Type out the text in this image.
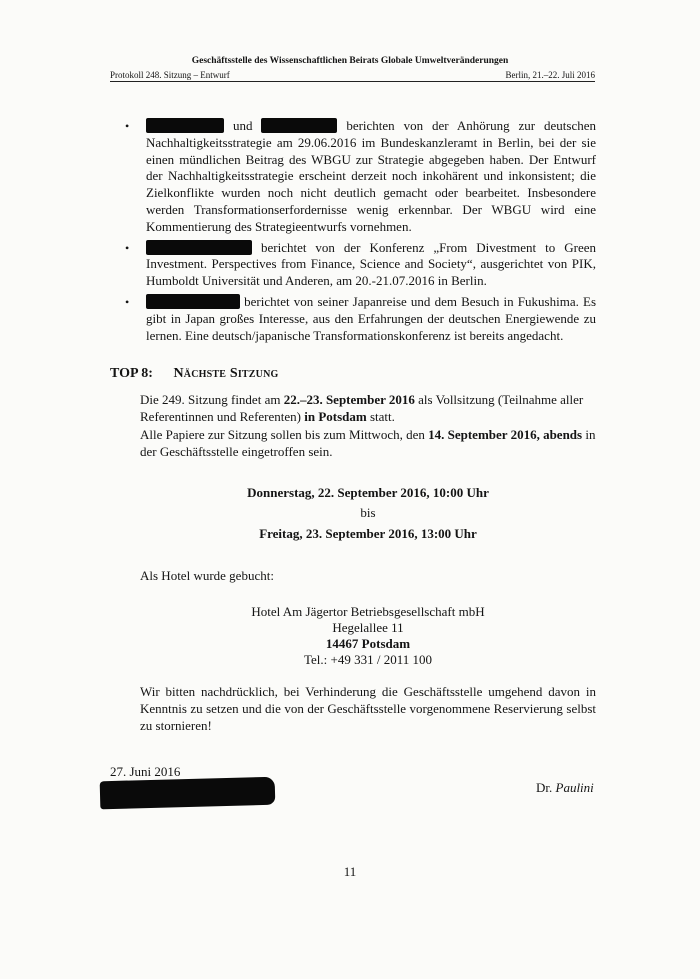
Geschäftsstelle des Wissenschaftlichen Beirats Globale Umweltveränderungen
Protokoll 248. Sitzung – Entwurf	Berlin, 21.–22. Juli 2016
•	und	berichten von der Anhörung zur deutschen Nachhaltigkeitsstrategie am 29.06.2016 im Bundeskanzleramt in Berlin, bei der sie einen mündlichen Beitrag des WBGU zur Strategie abgegeben haben. Der Entwurf der Nachhaltigkeitsstrategie erscheint derzeit noch inkohärent und inkonsistent; die Zielkonflikte wurden noch nicht deutlich gemacht oder bearbeitet. Insbesondere werden Transformationserfordernisse wenig erkennbar. Der WBGU wird eine Kommentierung des Strategieentwurfs vornehmen.
•	berichtet von der Konferenz „From Divestment to Green Investment. Perspectives from Finance, Science and Society“, ausgerichtet von PIK, Humboldt Universität und Anderen, am 20.-21.07.2016 in Berlin.
•	berichtet von seiner Japanreise und dem Besuch in Fukushima. Es gibt in Japan großes Interesse, aus den Erfahrungen der deutschen Energiewende zu lernen. Eine deutsch/japanische Transformationskonferenz ist bereits angedacht.
TOP 8: Nächste Sitzung
Die 249. Sitzung findet am 22.–23. September 2016 als Vollsitzung (Teilnahme aller Referentinnen und Referenten) in Potsdam statt.
Alle Papiere zur Sitzung sollen bis zum Mittwoch, den 14. September 2016, abends in der Geschäftsstelle eingetroffen sein.
Donnerstag, 22. September 2016, 10:00 Uhr
bis
Freitag, 23. September 2016, 13:00 Uhr
Als Hotel wurde gebucht:
Hotel Am Jägertor Betriebsgesellschaft mbH
Hegelallee 11
14467 Potsdam
Tel.: +49 331 / 2011 100
Wir bitten nachdrücklich, bei Verhinderung die Geschäftsstelle umgehend davon in Kenntnis zu setzen und die von der Geschäftsstelle vorgenommene Reservierung selbst zu stornieren!
27. Juni 2016
Dr. Paulini
11
